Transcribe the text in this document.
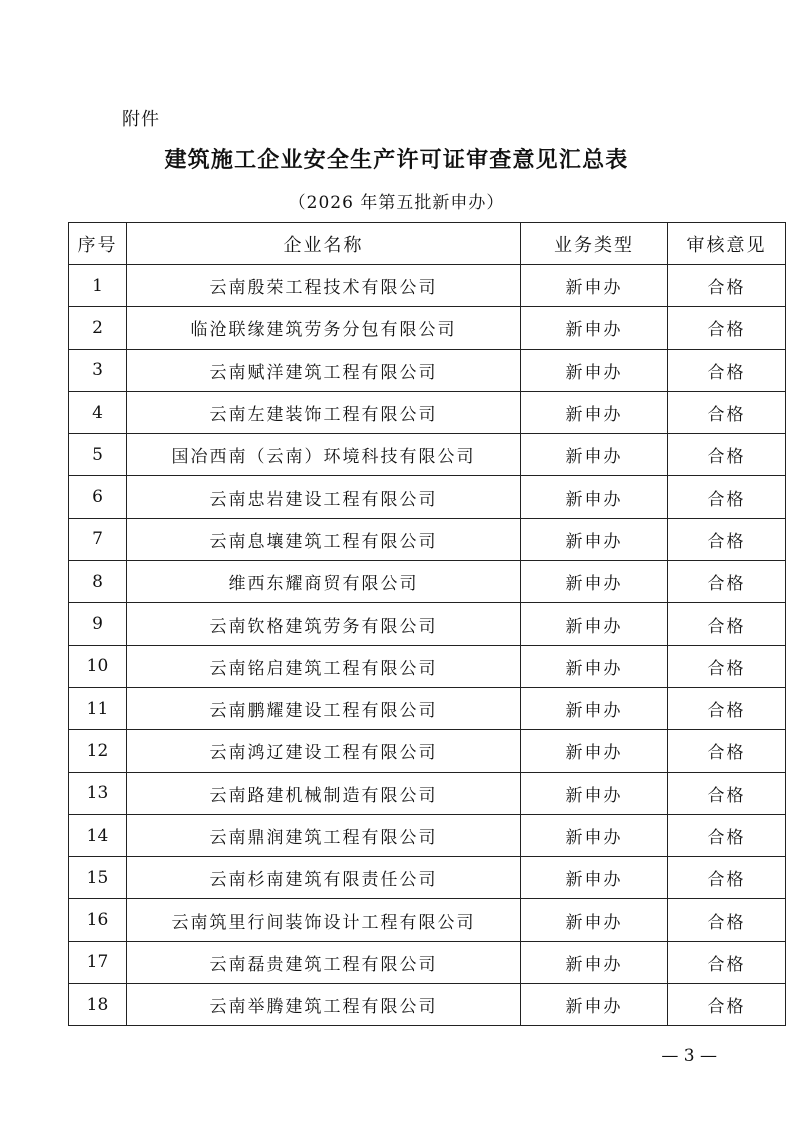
附件
建筑施工企业安全生产许可证审查意见汇总表
（2026 年第五批新申办）
序号	企业名称	业务类型	审核意见
1	云南殷荣工程技术有限公司	新申办	合格
2	临沧联缘建筑劳务分包有限公司	新申办	合格
3	云南赋洋建筑工程有限公司	新申办	合格
4	云南左建装饰工程有限公司	新申办	合格
5	国冶西南（云南）环境科技有限公司	新申办	合格
6	云南忠岩建设工程有限公司	新申办	合格
7	云南息壤建筑工程有限公司	新申办	合格
8	维西东耀商贸有限公司	新申办	合格
9	云南钦格建筑劳务有限公司	新申办	合格
10	云南铭启建筑工程有限公司	新申办	合格
11	云南鹏耀建设工程有限公司	新申办	合格
12	云南鸿辽建设工程有限公司	新申办	合格
13	云南路建机械制造有限公司	新申办	合格
14	云南鼎润建筑工程有限公司	新申办	合格
15	云南杉南建筑有限责任公司	新申办	合格
16	云南筑里行间装饰设计工程有限公司	新申办	合格
17	云南磊贵建筑工程有限公司	新申办	合格
18	云南举腾建筑工程有限公司	新申办	合格
— 3 —
